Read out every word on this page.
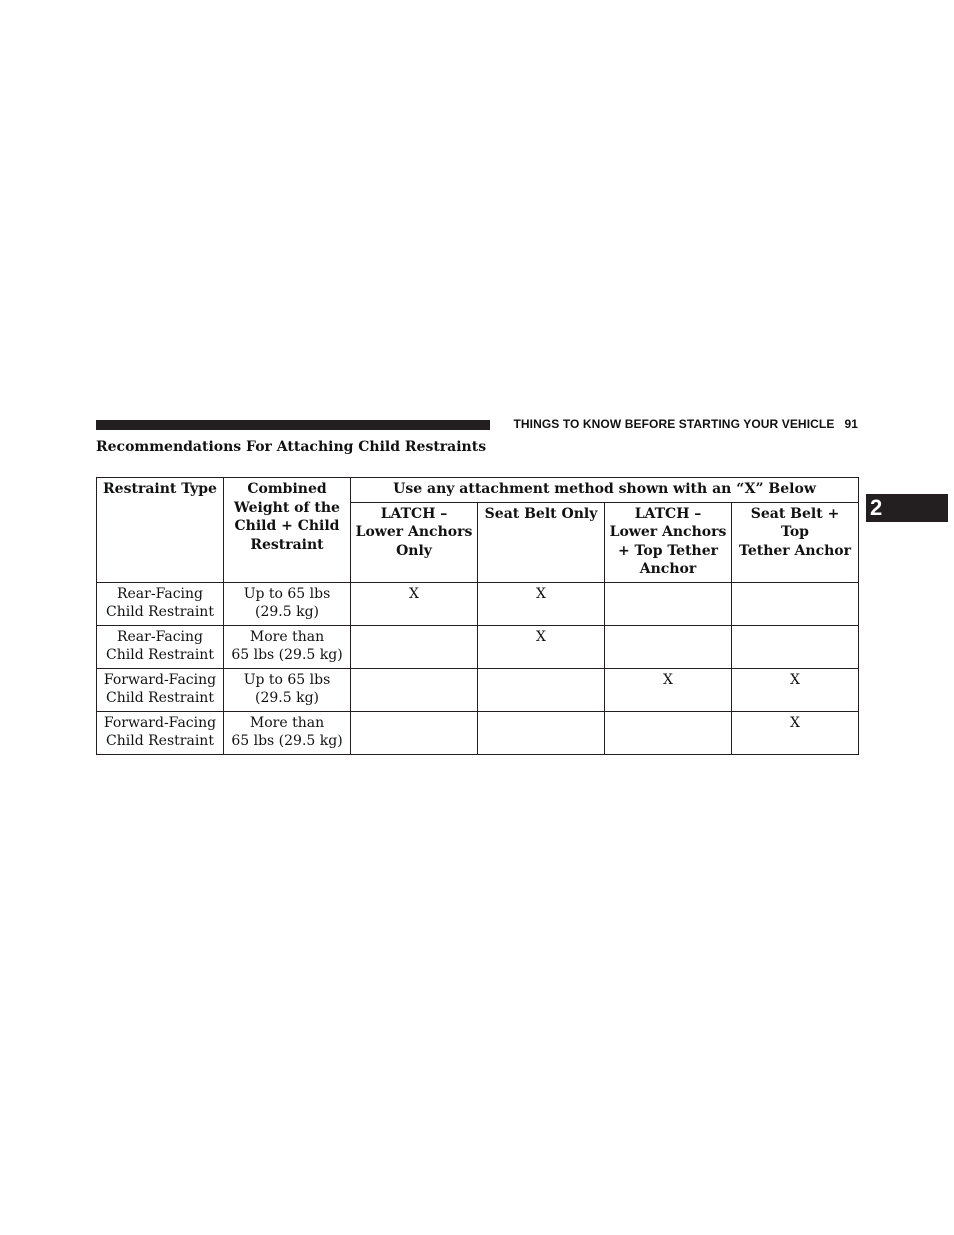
THINGS TO KNOW BEFORE STARTING YOUR VEHICLE 91
Recommendations For Attaching Child Restraints
2
Restraint Type	Combined
Weight of the
Child + Child
Restraint	Use any attachment method shown with an “X” Below			

		LATCH –
Lower Anchors
Only	Seat Belt Only	LATCH –
Lower Anchors
+ Top Tether
Anchor	Seat Belt + Top
Tether Anchor

Rear-Facing
Child Restraint	Up to 65 lbs
(29.5 kg)	X	X		

Rear-Facing
Child Restraint	More than
65 lbs (29.5 kg)		X		

Forward-Facing
Child Restraint	Up to 65 lbs
(29.5 kg)			X	X

Forward-Facing
Child Restraint	More than
65 lbs (29.5 kg)				X
